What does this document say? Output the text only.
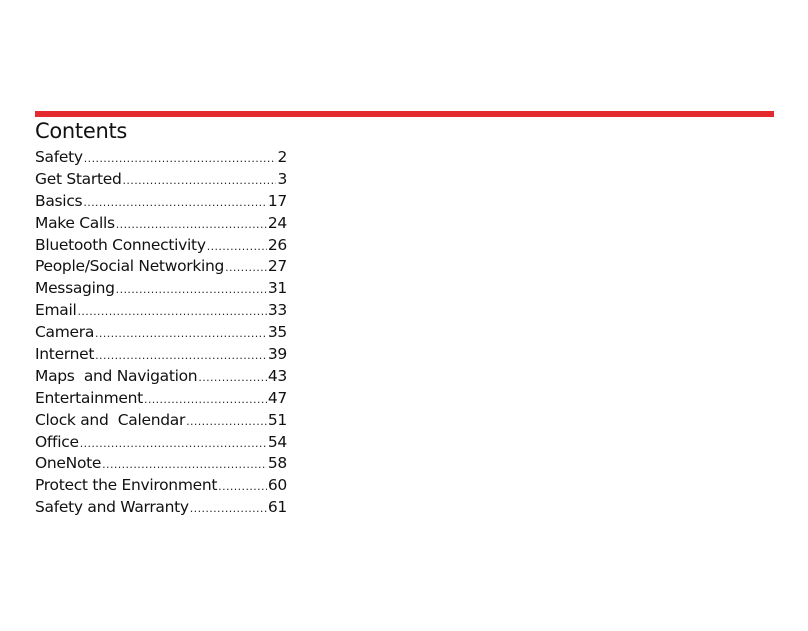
Contents
Safety .....	2
Get Started .....	3
Basics .....	17
Make Calls .....	24
Bluetooth Connectivity .....	26
People/Social Networking .....	27
Messaging .....	31
Email .....	33
Camera .....	35
Internet .....	39
Maps  and Navigation .....	43
Entertainment .....	47
Clock and  Calendar .....	51
Office .....	54
OneNote .....	58
Protect the Environment .....	60
Safety and Warranty .....	61
